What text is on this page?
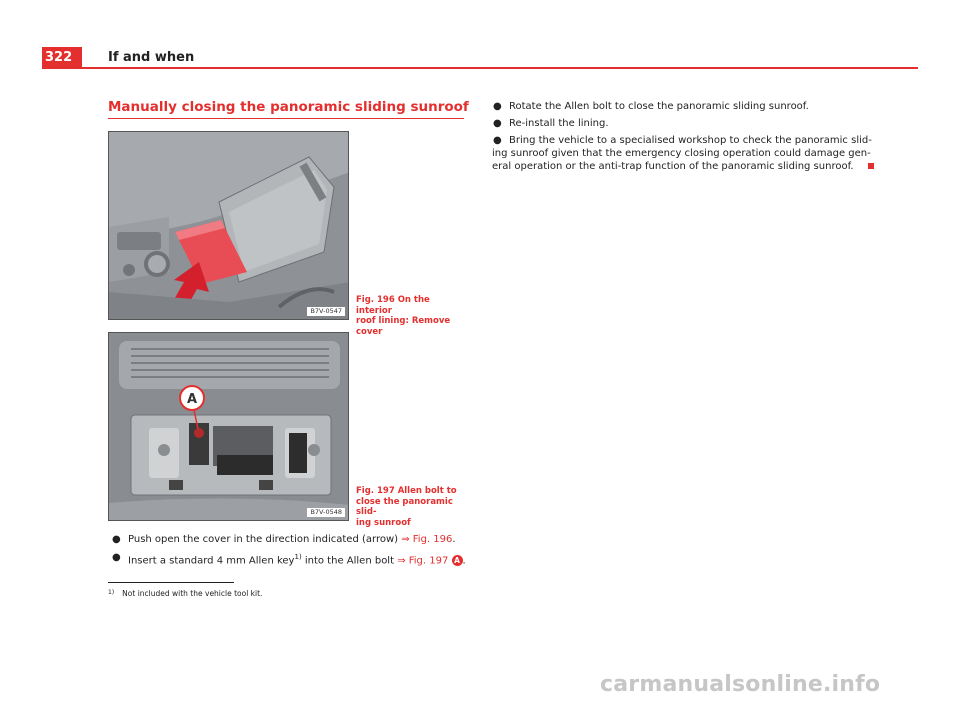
322	If and when
Manually closing the panoramic sliding sunroof
B7V-0547
Fig. 196 On the interior
roof lining: Remove cover
A
B7V-0548
Fig. 197 Allen bolt to
close the panoramic slid-
ing sunroof
● Push open the cover in the direction indicated (arrow) ⇒ Fig. 196.
● Insert a standard 4 mm Allen key$^{1)}$ into the Allen bolt ⇒ Fig. 197 A .
● Rotate the Allen bolt to close the panoramic sliding sunroof.
● Re-install the lining.
● Bring the vehicle to a specialised workshop to check the panoramic slid-
ing sunroof given that the emergency closing operation could damage gen-
eral operation or the anti-trap function of the panoramic sliding sunroof.
$^{1)}$ Not included with the vehicle tool kit.
carmanualsonline.info
